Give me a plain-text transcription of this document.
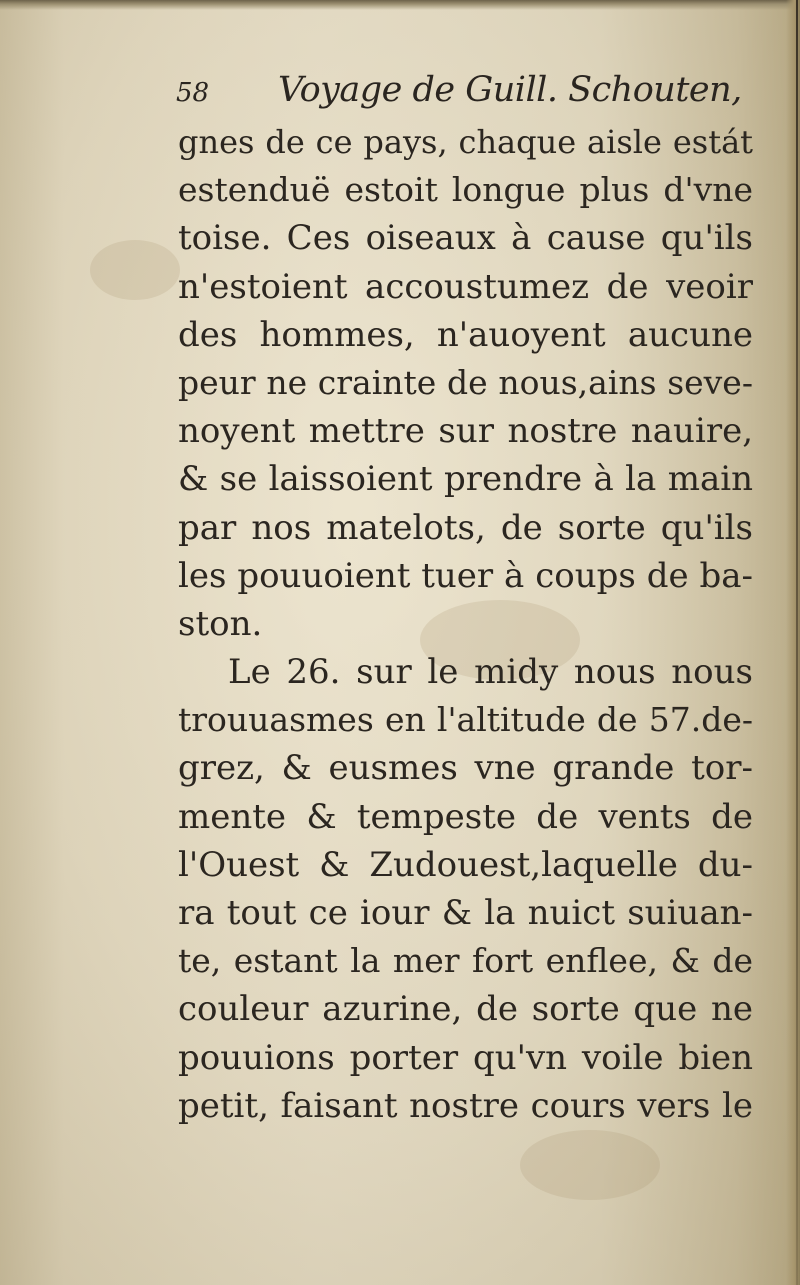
58 Voyage de Guill. Schouten,
gnes de ce pays, chaque aisle estát
estenduë estoit longue plus d'vne
toise. Ces oiseaux à cause qu'ils
n'estoient accoustumez de veoir
des hommes, n'auoyent aucune
peur ne crainte de nous,ains seve-
noyent mettre sur nostre nauire,
& se laissoient prendre à la main
par nos matelots, de sorte qu'ils
les pouuoient tuer à coups de ba-
ston.
Le 26. sur le midy nous nous
trouuasmes en l'altitude de 57.de-
grez, & eusmes vne grande tor-
mente & tempeste de vents de
l'Ouest & Zudouest,laquelle du-
ra tout ce iour & la nuict suiuan-
te, estant la mer fort enflee, & de
couleur azurine, de sorte que ne
pouuions porter qu'vn voile bien
petit, faisant nostre cours vers le
